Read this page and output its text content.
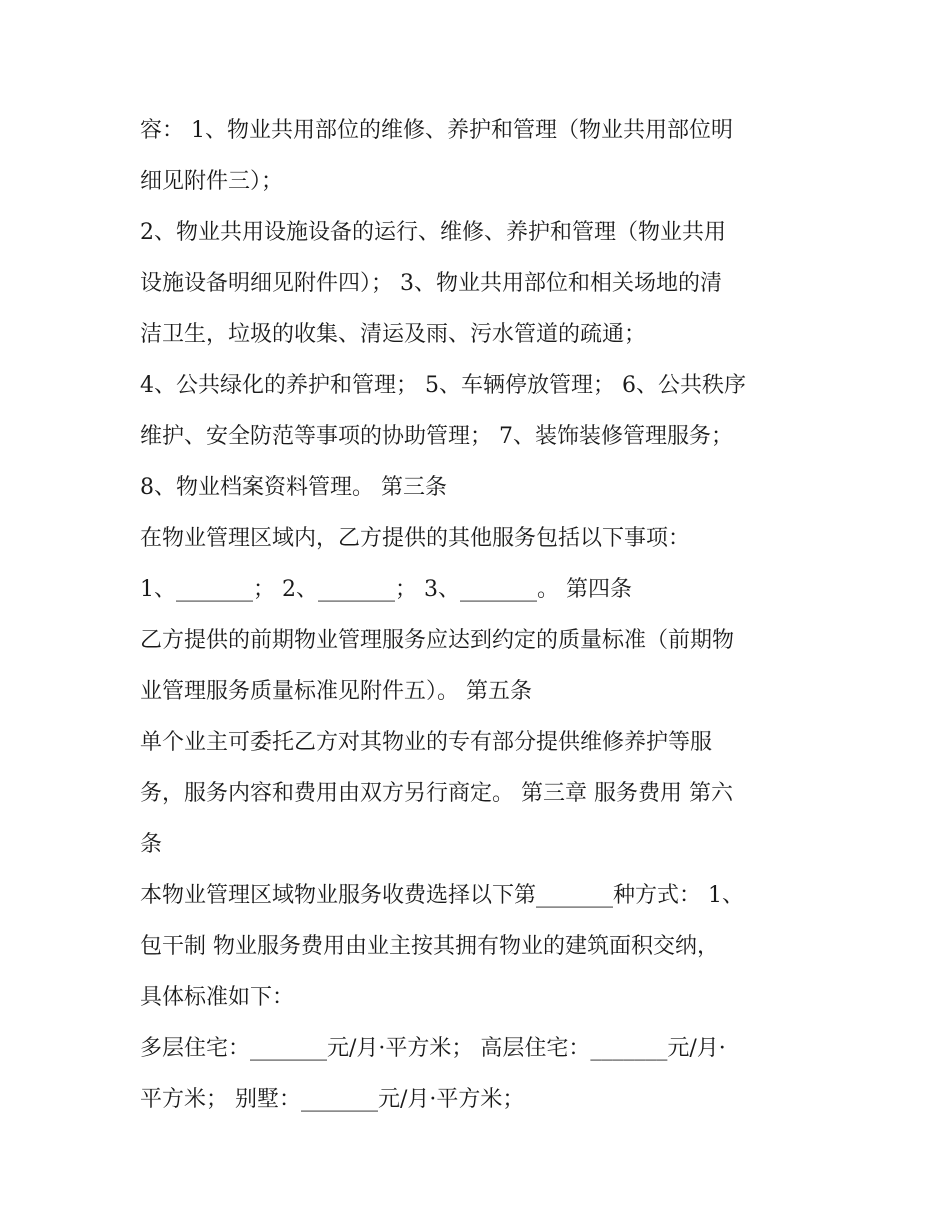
容： 1、物业共用部位的维修、养护和管理（物业共用部位明
细见附件三）；
2、物业共用设施设备的运行、维修、养护和管理（物业共用
设施设备明细见附件四）； 3、物业共用部位和相关场地的清
洁卫生，垃圾的收集、清运及雨、污水管道的疏通；
4、公共绿化的养护和管理； 5、车辆停放管理； 6、公共秩序
维护、安全防范等事项的协助管理； 7、装饰装修管理服务；
8、物业档案资料管理。 第三条
在物业管理区域内，乙方提供的其他服务包括以下事项：
1、_______； 2、_______； 3、_______。 第四条
乙方提供的前期物业管理服务应达到约定的质量标准（前期物
业管理服务质量标准见附件五）。 第五条
单个业主可委托乙方对其物业的专有部分提供维修养护等服
务，服务内容和费用由双方另行商定。 第三章 服务费用 第六
条
本物业管理区域物业服务收费选择以下第_______种方式： 1、
包干制 物业服务费用由业主按其拥有物业的建筑面积交纳，
具体标准如下：
多层住宅：_______元/月·平方米； 高层住宅：_______元/月·
平方米； 别墅：_______元/月·平方米；
